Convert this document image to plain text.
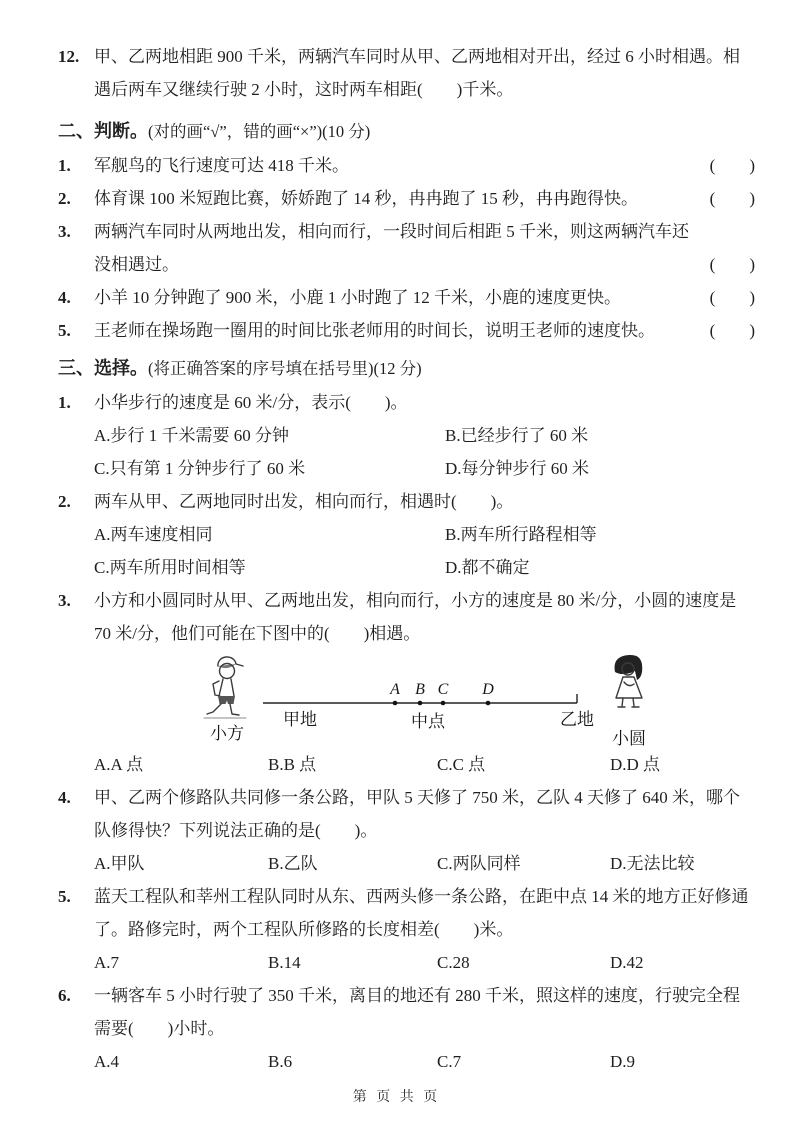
12. 甲、乙两地相距 900 千米，两辆汽车同时从甲、乙两地相对开出，经过 6 小时相遇。相遇后两车又继续行驶 2 小时，这时两车相距(　　)千米。
二、判断。(对的画“√”，错的画“×”)(10 分)
1.	军舰鸟的飞行速度可达 418 千米。	(　　)
2.	体育课 100 米短跑比赛，娇娇跑了 14 秒，冉冉跑了 15 秒，冉冉跑得快。	(　　)
3.	两辆汽车同时从两地出发，相向而行，一段时间后相距 5 千米，则这两辆汽车还没相遇过。	(　　)
4.	小羊 10 分钟跑了 900 米，小鹿 1 小时跑了 12 千米，小鹿的速度更快。	(　　)
5.	王老师在操场跑一圈用的时间比张老师用的时间长，说明王老师的速度快。	(　　)
三、选择。(将正确答案的序号填在括号里)(12 分)
1.	小华步行的速度是 60 米/分，表示(　　)。
A.步行 1 千米需要 60 分钟	B.已经步行了 60 米
C.只有第 1 分钟步行了 60 米	D.每分钟步行 60 米
2.	两车从甲、乙两地同时出发，相向而行，相遇时(　　)。
A.两车速度相同	B.两车所行路程相等
C.两车所用时间相等	D.都不确定
3.	小方和小圆同时从甲、乙两地出发，相向而行，小方的速度是 80 米/分，小圆的速度是 70 米/分，他们可能在下图中的(　　)相遇。
A B C D
甲地	中点	乙地
小方	小圆
A.A 点	B.B 点	C.C 点	D.D 点
4.	甲、乙两个修路队共同修一条公路，甲队 5 天修了 750 米，乙队 4 天修了 640 米，哪个队修得快？下列说法正确的是(　　)。
A.甲队	B.乙队	C.两队同样	D.无法比较
5.	蓝天工程队和莘州工程队同时从东、西两头修一条公路，在距中点 14 米的地方正好修通了。路修完时，两个工程队所修路的长度相差(　　)米。
A.7	B.14	C.28	D.42
6.	一辆客车 5 小时行驶了 350 千米，离目的地还有 280 千米，照这样的速度，行驶完全程需要(　　)小时。
A.4	B.6	C.7	D.9
第 页 共 页
